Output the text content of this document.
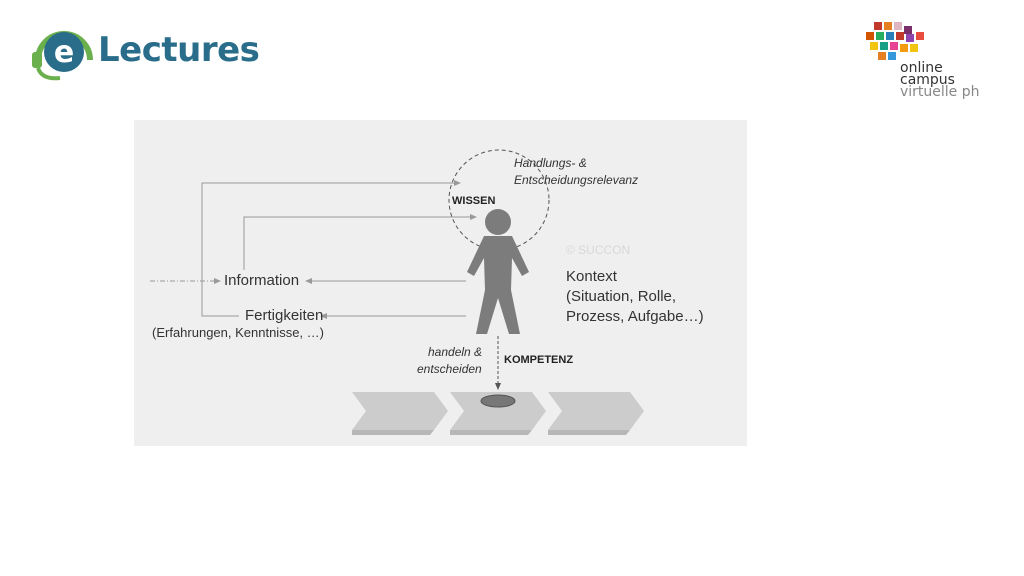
e Lectures	online
campus
virtuelle ph
Handlungs- &
Entscheidungsrelevanz
WISSEN
© SUCCON
Information
Fertigkeiten
(Erfahrungen, Kenntnisse, …)
Kontext
(Situation, Rolle,
Prozess, Aufgabe…)
handeln &
entscheiden
KOMPETENZ
